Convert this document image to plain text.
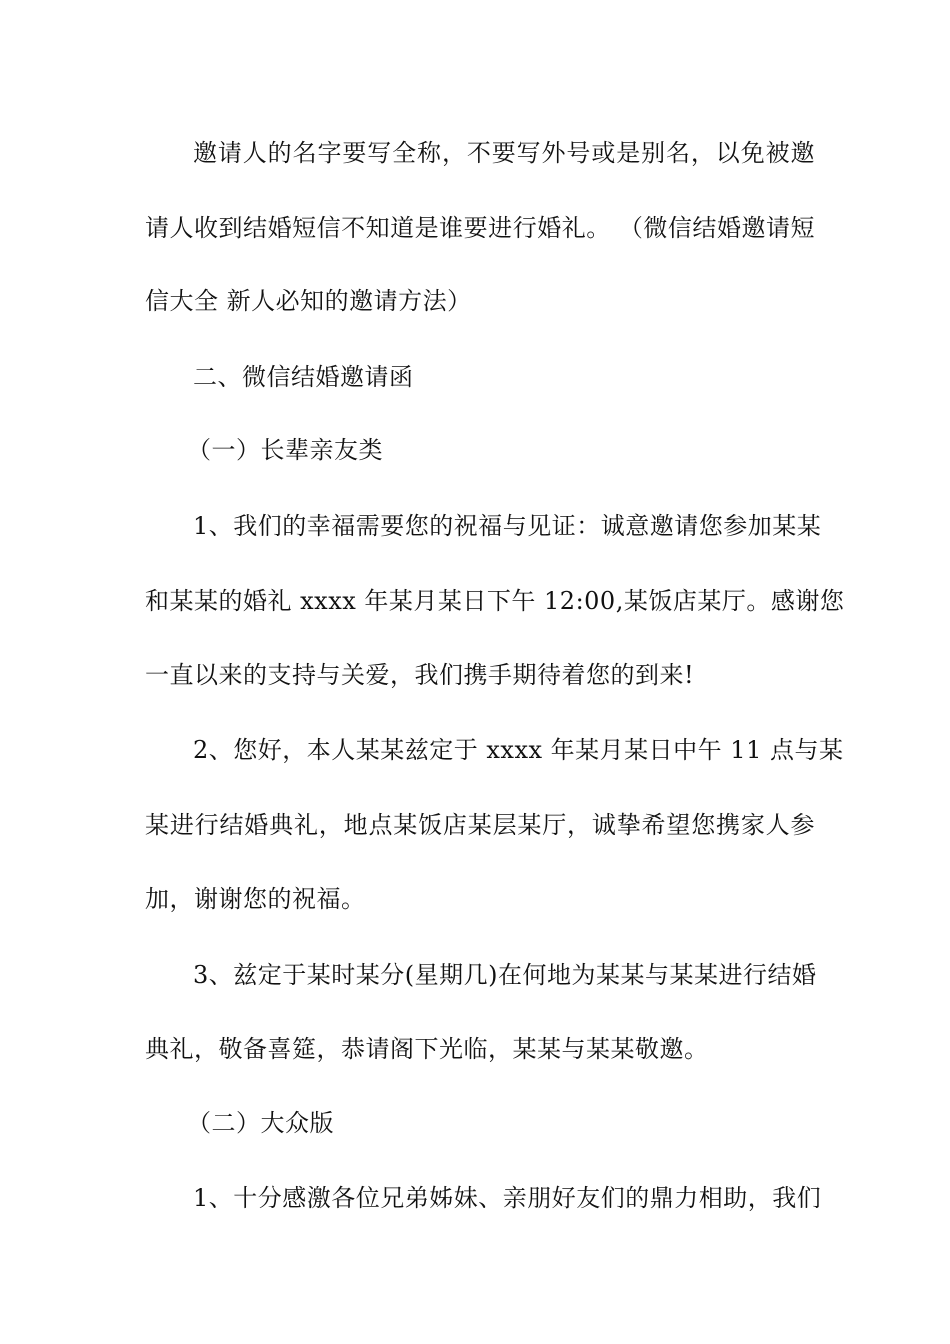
邀请人的名字要写全称，不要写外号或是别名，以免被邀
请人收到结婚短信不知道是谁要进行婚礼。 （微信结婚邀请短
信大全 新人必知的邀请方法）
二、微信结婚邀请函
（一）长辈亲友类
1、我们的幸福需要您的祝福与见证：诚意邀请您参加某某
和某某的婚礼 xxxx 年某月某日下午 12:00,某饭店某厅。感谢您
一直以来的支持与关爱，我们携手期待着您的到来!
2、您好，本人某某兹定于 xxxx 年某月某日中午 11 点与某
某进行结婚典礼，地点某饭店某层某厅，诚挚希望您携家人参
加，谢谢您的祝福。
3、兹定于某时某分(星期几)在何地为某某与某某进行结婚
典礼，敬备喜筵，恭请阁下光临，某某与某某敬邀。
（二）大众版
1、十分感激各位兄弟姊妹、亲朋好友们的鼎力相助，我们
